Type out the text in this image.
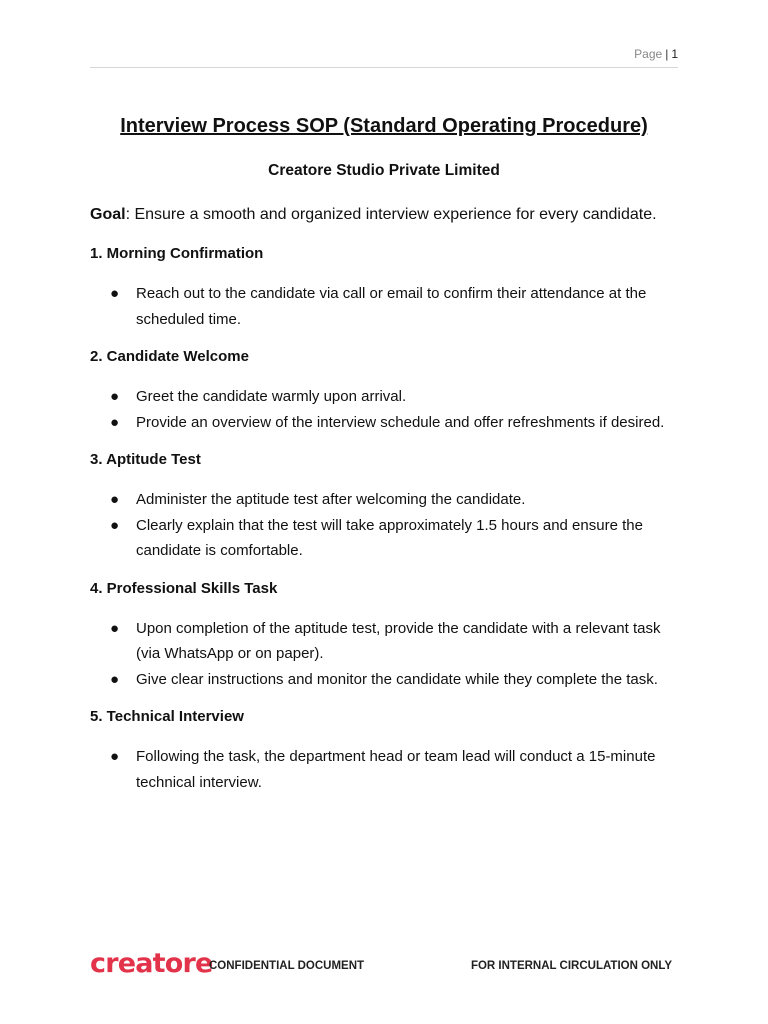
Page | 1
Interview Process SOP (Standard Operating Procedure)
Creatore Studio Private Limited
Goal: Ensure a smooth and organized interview experience for every candidate.
1. Morning Confirmation
● Reach out to the candidate via call or email to confirm their attendance at the scheduled time.
2. Candidate Welcome
● Greet the candidate warmly upon arrival.
● Provide an overview of the interview schedule and offer refreshments if desired.
3. Aptitude Test
● Administer the aptitude test after welcoming the candidate.
● Clearly explain that the test will take approximately 1.5 hours and ensure the candidate is comfortable.
4. Professional Skills Task
● Upon completion of the aptitude test, provide the candidate with a relevant task (via WhatsApp or on paper).
● Give clear instructions and monitor the candidate while they complete the task.
5. Technical Interview
● Following the task, the department head or team lead will conduct a 15-minute technical interview.
creatore
CONFIDENTIAL DOCUMENT	FOR INTERNAL CIRCULATION ONLY
